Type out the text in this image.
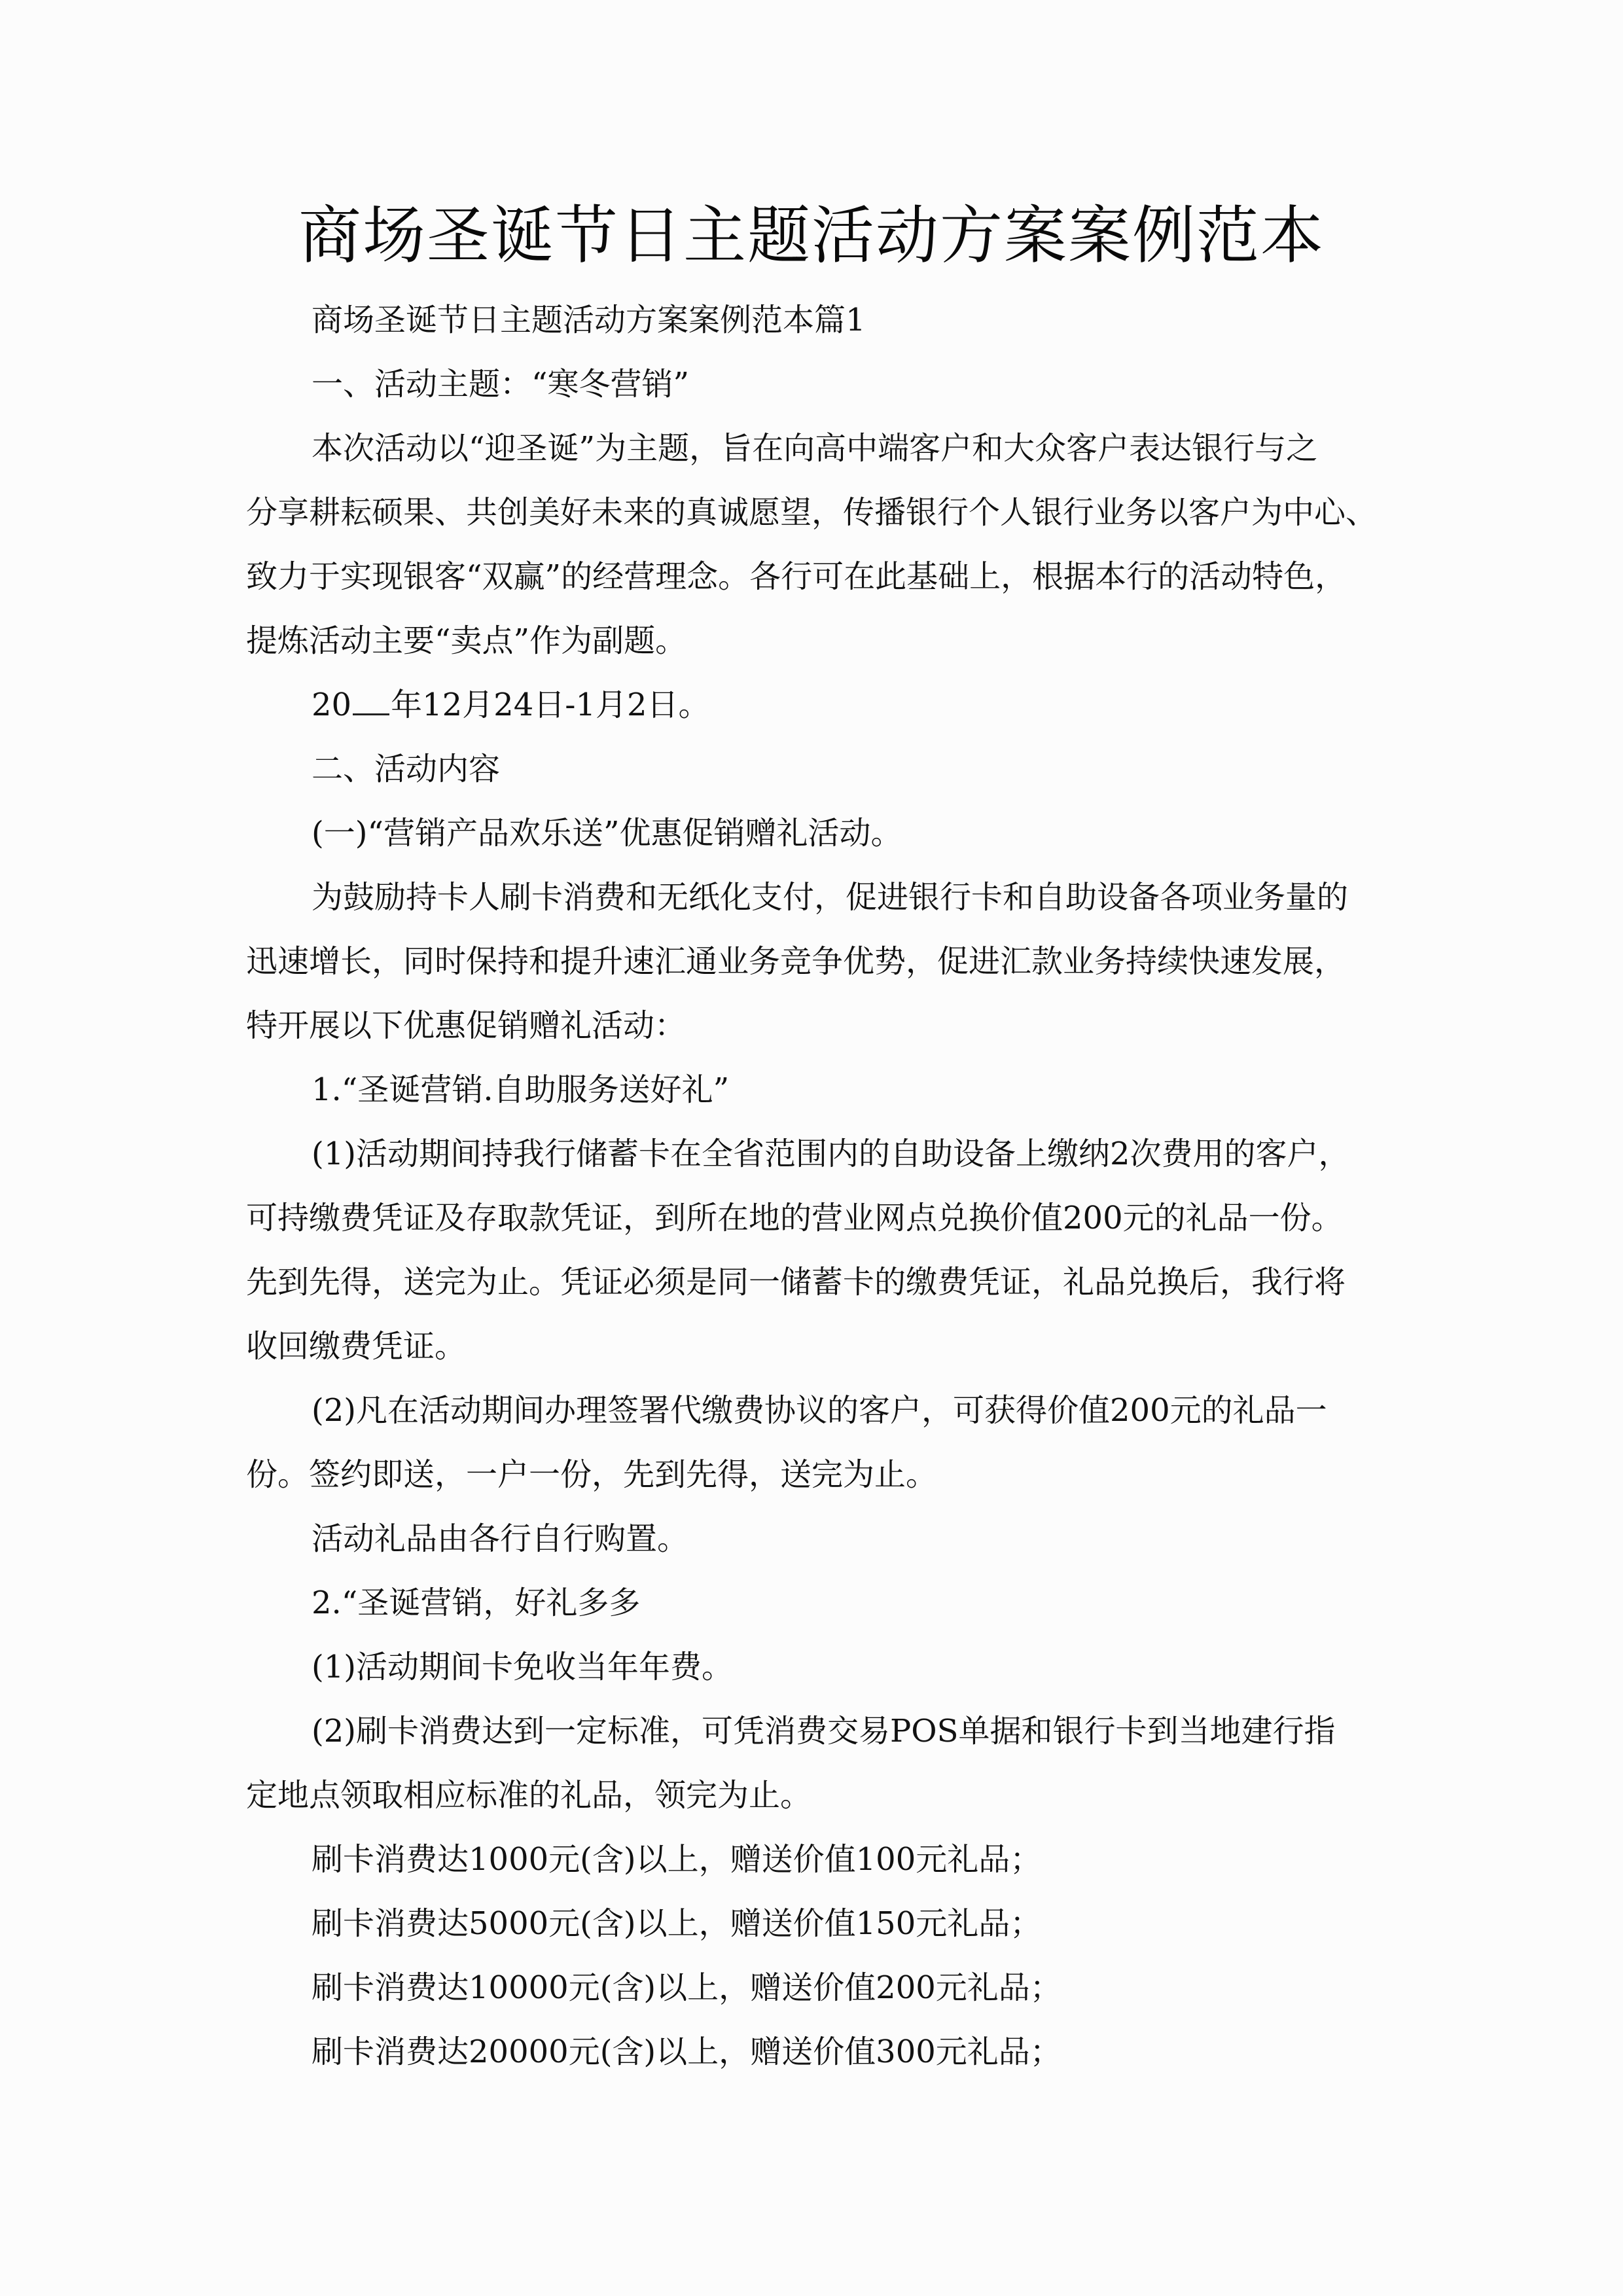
商场圣诞节日主题活动方案案例范本
商场圣诞节日主题活动方案案例范本篇1
一、活动主题：“寒冬营销”
本次活动以“迎圣诞”为主题，旨在向高中端客户和大众客户表达银行与之
分享耕耘硕果、共创美好未来的真诚愿望，传播银行个人银行业务以客户为中心、
致力于实现银客“双赢”的经营理念。各行可在此基础上，根据本行的活动特色，
提炼活动主要“卖点”作为副题。
20 年12月24日-1月2日。
二、活动内容
(一)“营销产品欢乐送”优惠促销赠礼活动。
为鼓励持卡人刷卡消费和无纸化支付，促进银行卡和自助设备各项业务量的
迅速增长，同时保持和提升速汇通业务竞争优势，促进汇款业务持续快速发展，
特开展以下优惠促销赠礼活动：
1.“圣诞营销.自助服务送好礼”
(1)活动期间持我行储蓄卡在全省范围内的自助设备上缴纳2次费用的客户，
可持缴费凭证及存取款凭证，到所在地的营业网点兑换价值200元的礼品一份。
先到先得，送完为止。凭证必须是同一储蓄卡的缴费凭证，礼品兑换后，我行将
收回缴费凭证。
(2)凡在活动期间办理签署代缴费协议的客户，可获得价值200元的礼品一
份。签约即送，一户一份，先到先得，送完为止。
活动礼品由各行自行购置。
2.“圣诞营销，好礼多多
(1)活动期间卡免收当年年费。
(2)刷卡消费达到一定标准，可凭消费交易POS单据和银行卡到当地建行指
定地点领取相应标准的礼品，领完为止。
刷卡消费达1000元(含)以上，赠送价值100元礼品；
刷卡消费达5000元(含)以上，赠送价值150元礼品；
刷卡消费达10000元(含)以上，赠送价值200元礼品；
刷卡消费达20000元(含)以上，赠送价值300元礼品；
